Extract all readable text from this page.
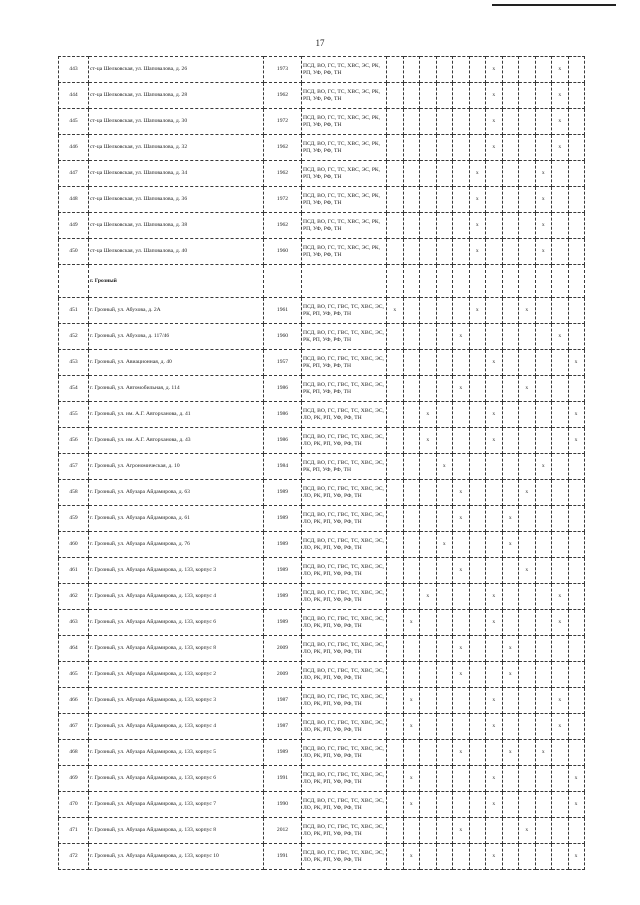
17
443	ст-ца Шелковская, ул. Шаповалова, д. 26	1973	ПСД, ВО, ГС, ТС, ХВС, ЭС, РК, РП, УФ, РФ, ТН							x				x	
444	ст-ца Шелковская, ул. Шаповалова, д. 28	1962	ПСД, ВО, ГС, ТС, ХВС, ЭС, РК, РП, УФ, РФ, ТН							x				x	
445	ст-ца Шелковская, ул. Шаповалова, д. 30	1972	ПСД, ВО, ГС, ТС, ХВС, ЭС, РК, РП, УФ, РФ, ТН							x				x	
446	ст-ца Шелковская, ул. Шаповалова, д. 32	1962	ПСД, ВО, ГС, ТС, ХВС, ЭС, РК, РП, УФ, РФ, ТН							x				x	
447	ст-ца Шелковская, ул. Шаповалова, д. 34	1962	ПСД, ВО, ГС, ТС, ХВС, ЭС, РК, РП, УФ, РФ, ТН						x				x		
448	ст-ца Шелковская, ул. Шаповалова, д. 36	1972	ПСД, ВО, ГС, ТС, ХВС, ЭС, РК, РП, УФ, РФ, ТН						x				x		
449	ст-ца Шелковская, ул. Шаповалова, д. 38	1962	ПСД, ВО, ГС, ТС, ХВС, ЭС, РК, РП, УФ, РФ, ТН						x				x		
450	ст-ца Шелковская, ул. Шаповалова, д. 40	1960	ПСД, ВО, ГС, ТС, ХВС, ЭС, РК, РП, УФ, РФ, ТН						x				x		
	г. Грозный														
451	г. Грозный, ул. Абухова, д. 2А	1961	ПСД, ВО, ГС, ГВС, ТС, ХВС, ЭС, РК, РП, УФ, РФ, ТН	x					x			x			
452	г. Грозный, ул. Абухова, д. 117/46	1960	ПСД, ВО, ГС, ГВС, ТС, ХВС, ЭС, РК, РП, УФ, РФ, ТН					x						x	
453	г. Грозный, ул. Авиационная, д. 40	1957	ПСД, ВО, ГС, ГВС, ТС, ХВС, ЭС, РК, РП, УФ, РФ, ТН							x					x
454	г. Грозный, ул. Автомобильная, д. 114	1986	ПСД, ВО, ГС, ГВС, ТС, ХВС, ЭС, РК, РП, УФ, РФ, ТН					x				x			
455	г. Грозный, ул. им. А.Г. Авторханова, д. 41	1986	ПСД, ВО, ГС, ГВС, ТС, ХВС, ЭС, ЛО, РК, РП, УФ, РФ, ТН			x				x					x
456	г. Грозный, ул. им. А.Г. Авторханова, д. 43	1986	ПСД, ВО, ГС, ГВС, ТС, ХВС, ЭС, ЛО, РК, РП, УФ, РФ, ТН			x				x					x
457	г. Грозный, ул. Агрономическая, д. 10	1984	ПСД, ВО, ГС, ГВС, ТС, ХВС, ЭС, РК, РП, УФ, РФ, ТН				x						x		
458	г. Грозный, ул. Абузара Айдамирова, д. 63	1989	ПСД, ВО, ГС, ГВС, ТС, ХВС, ЭС, ЛО, РК, РП, УФ, РФ, ТН					x				x			
459	г. Грозный, ул. Абузара Айдамирова, д. 61	1989	ПСД, ВО, ГС, ГВС, ТС, ХВС, ЭС, ЛО, РК, РП, УФ, РФ, ТН					x			x				
460	г. Грозный, ул. Абузара Айдамирова, д. 76	1989	ПСД, ВО, ГС, ГВС, ТС, ХВС, ЭС, ЛО, РК, РП, УФ, РФ, ТН				x				x				
461	г. Грозный, ул. Абузара Айдамирова, д. 133, корпус 3	1989	ПСД, ВО, ГС, ГВС, ТС, ХВС, ЭС, ЛО, РК, РП, УФ, РФ, ТН					x				x			
462	г. Грозный, ул. Абузара Айдамирова, д. 133, корпус 4	1989	ПСД, ВО, ГС, ГВС, ТС, ХВС, ЭС, ЛО, РК, РП, УФ, РФ, ТН			x				x				x	
463	г. Грозный, ул. Абузара Айдамирова, д. 133, корпус 6	1989	ПСД, ВО, ГС, ГВС, ТС, ХВС, ЭС, ЛО, РК, РП, УФ, РФ, ТН		x					x				x	
464	г. Грозный, ул. Абузара Айдамирова, д. 133, корпус 8	2009	ПСД, ВО, ГС, ГВС, ТС, ХВС, ЭС, ЛО, РК, РП, УФ, РФ, ТН					x			x				
465	г. Грозный, ул. Абузара Айдамирова, д. 133, корпус 2	2009	ПСД, ВО, ГС, ГВС, ТС, ХВС, ЭС, ЛО, РК, РП, УФ, РФ, ТН					x			x				
466	г. Грозный, ул. Абузара Айдамирова, д. 133, корпус 3	1987	ПСД, ВО, ГС, ГВС, ТС, ХВС, ЭС, ЛО, РК, РП, УФ, РФ, ТН		x					x				x	
467	г. Грозный, ул. Абузара Айдамирова, д. 133, корпус 4	1987	ПСД, ВО, ГС, ГВС, ТС, ХВС, ЭС, ЛО, РК, РП, УФ, РФ, ТН		x					x				x	
468	г. Грозный, ул. Абузара Айдамирова, д. 133, корпус 5	1989	ПСД, ВО, ГС, ГВС, ТС, ХВС, ЭС, ЛО, РК, РП, УФ, РФ, ТН					x			x		x		
469	г. Грозный, ул. Абузара Айдамирова, д. 133, корпус 6	1991	ПСД, ВО, ГС, ГВС, ТС, ХВС, ЭС, ЛО, РК, РП, УФ, РФ, ТН		x					x					x
470	г. Грозный, ул. Абузара Айдамирова, д. 133, корпус 7	1990	ПСД, ВО, ГС, ГВС, ТС, ХВС, ЭС, ЛО, РК, РП, УФ, РФ, ТН		x					x					x
471	г. Грозный, ул. Абузара Айдамирова, д. 133, корпус 8	2012	ПСД, ВО, ГС, ГВС, ТС, ХВС, ЭС, ЛО, РК, РП, УФ, РФ, ТН					x				x			
472	г. Грозный, ул. Абузара Айдамирова, д. 133, корпус 10	1991	ПСД, ВО, ГС, ГВС, ТС, ХВС, ЭС, ЛО, РК, РП, УФ, РФ, ТН		x					x					x
